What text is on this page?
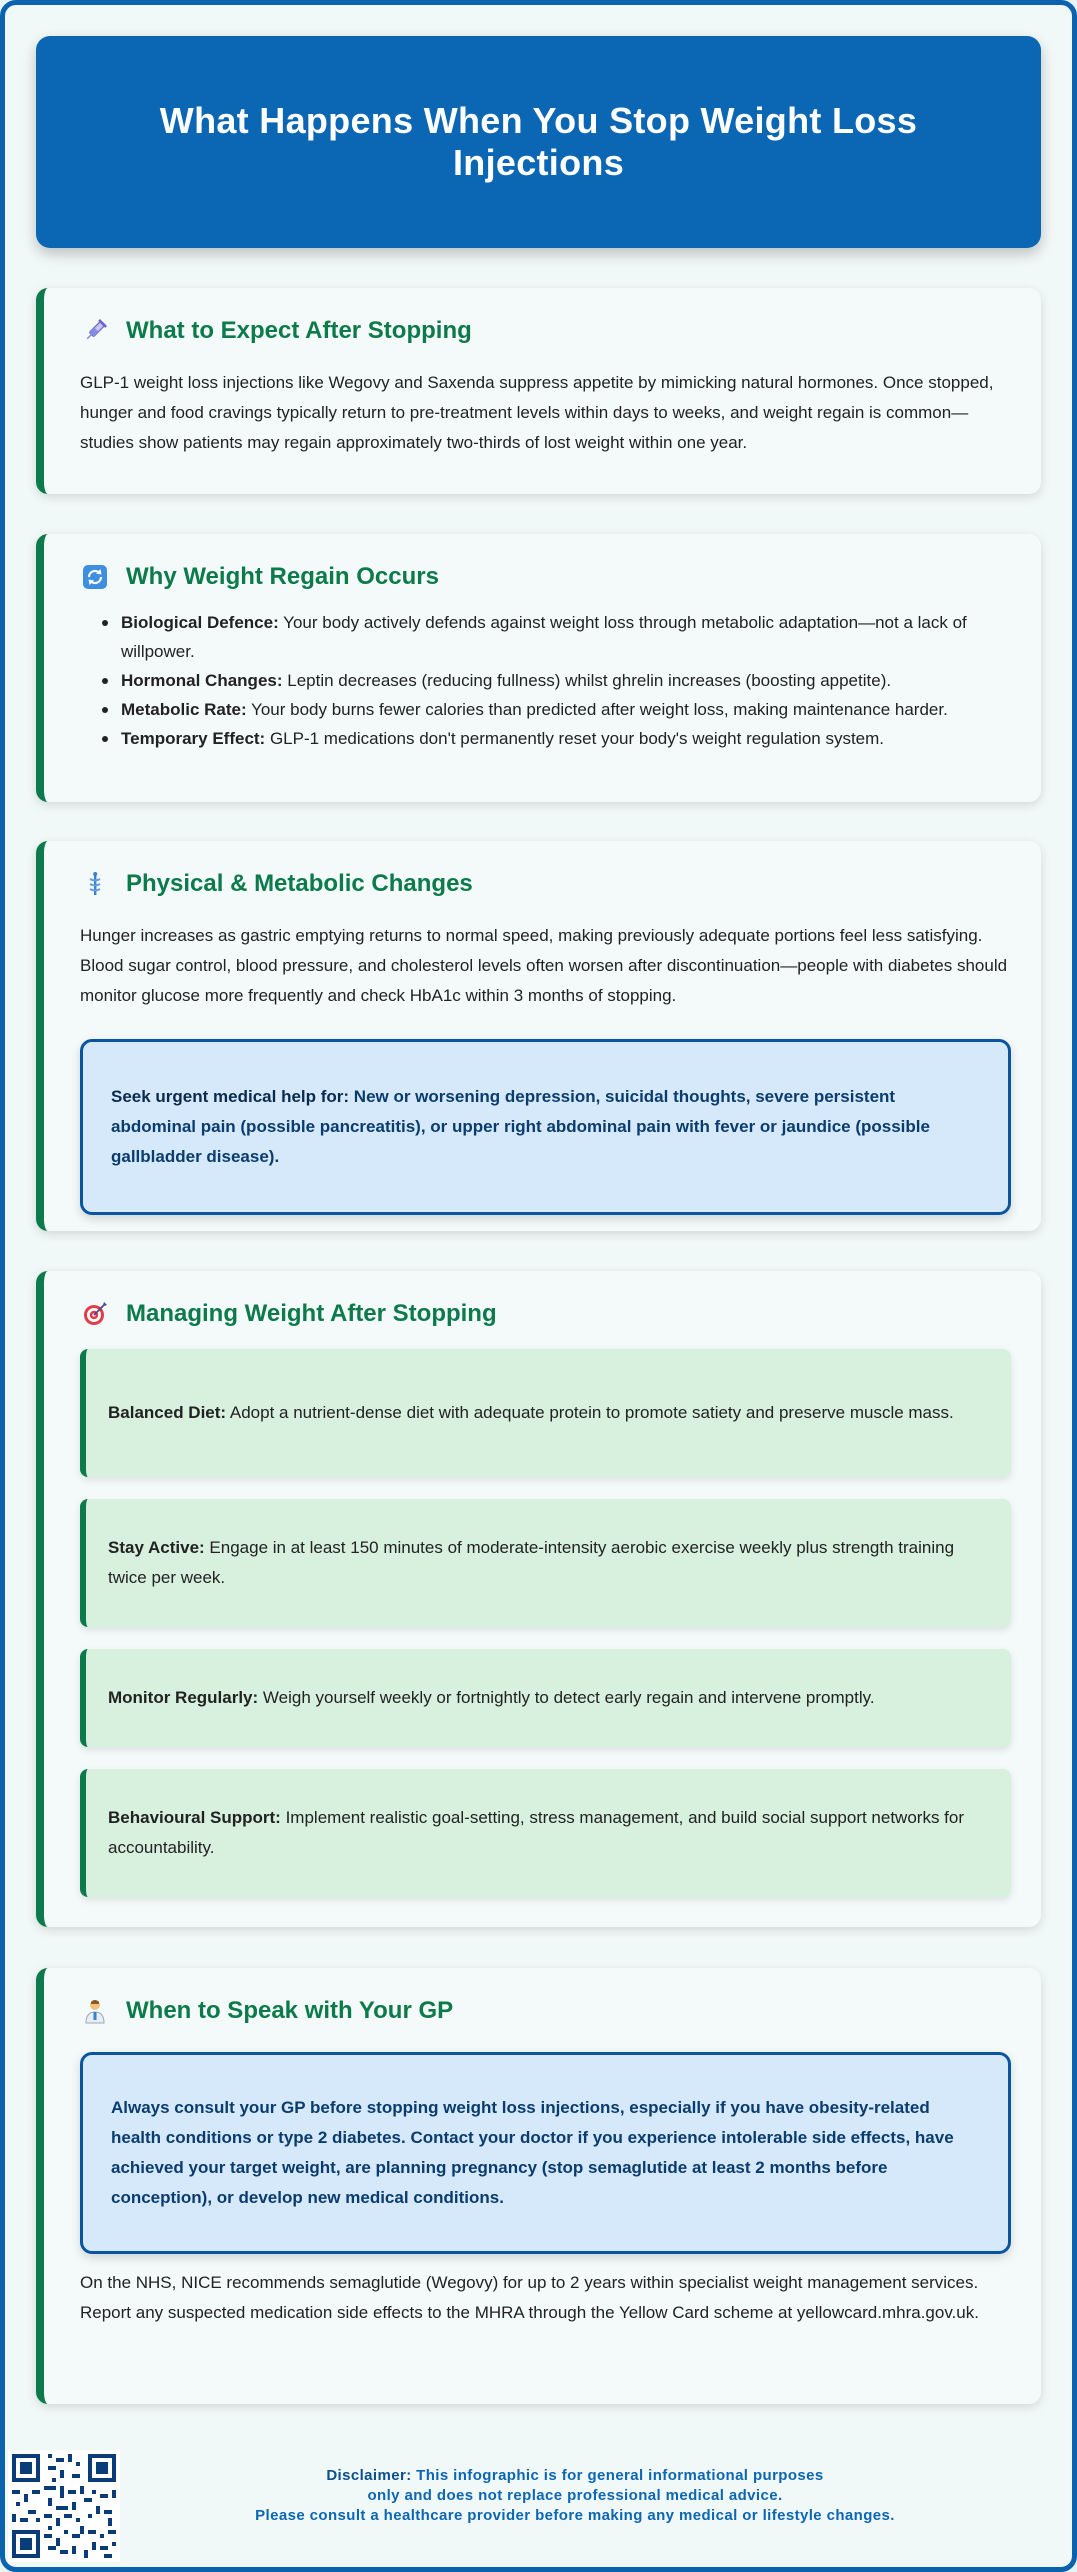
What Happens When You Stop Weight Loss Injections
What to Expect After Stopping

GLP-1 weight loss injections like Wegovy and Saxenda suppress appetite by mimicking natural hormones. Once stopped, hunger and food cravings typically return to pre-treatment levels within days to weeks, and weight regain is common—studies show patients may regain approximately two-thirds of lost weight within one year.

Why Weight Regain Occurs
Biological Defence: Your body actively defends against weight loss through metabolic adaptation—not a lack of willpower.
Hormonal Changes: Leptin decreases (reducing fullness) whilst ghrelin increases (boosting appetite).
Metabolic Rate: Your body burns fewer calories than predicted after weight loss, making maintenance harder.
Temporary Effect: GLP-1 medications don't permanently reset your body's weight regulation system.
Physical & Metabolic Changes

Hunger increases as gastric emptying returns to normal speed, making previously adequate portions feel less satisfying. Blood sugar control, blood pressure, and cholesterol levels often worsen after discontinuation—people with diabetes should monitor glucose more frequently and check HbA1c within 3 months of stopping.

Seek urgent medical help for: New or worsening depression, suicidal thoughts, severe persistent abdominal pain (possible pancreatitis), or upper right abdominal pain with fever or jaundice (possible gallbladder disease).
Managing Weight After Stopping
Balanced Diet: Adopt a nutrient-dense diet with adequate protein to promote satiety and preserve muscle mass.
Stay Active: Engage in at least 150 minutes of moderate-intensity aerobic exercise weekly plus strength training twice per week.
Monitor Regularly: Weigh yourself weekly or fortnightly to detect early regain and intervene promptly.
Behavioural Support: Implement realistic goal-setting, stress management, and build social support networks for accountability.
When to Speak with Your GP
Always consult your GP before stopping weight loss injections, especially if you have obesity-related health conditions or type 2 diabetes. Contact your doctor if you experience intolerable side effects, have achieved your target weight, are planning pregnancy (stop semaglutide at least 2 months before conception), or develop new medical conditions.

On the NHS, NICE recommends semaglutide (Wegovy) for up to 2 years within specialist weight management services. Report any suspected medication side effects to the MHRA through the Yellow Card scheme at yellowcard.mhra.gov.uk.

Disclaimer: This infographic is for general informational purposes
only and does not replace professional medical advice.
Please consult a healthcare provider before making any medical or lifestyle changes.
